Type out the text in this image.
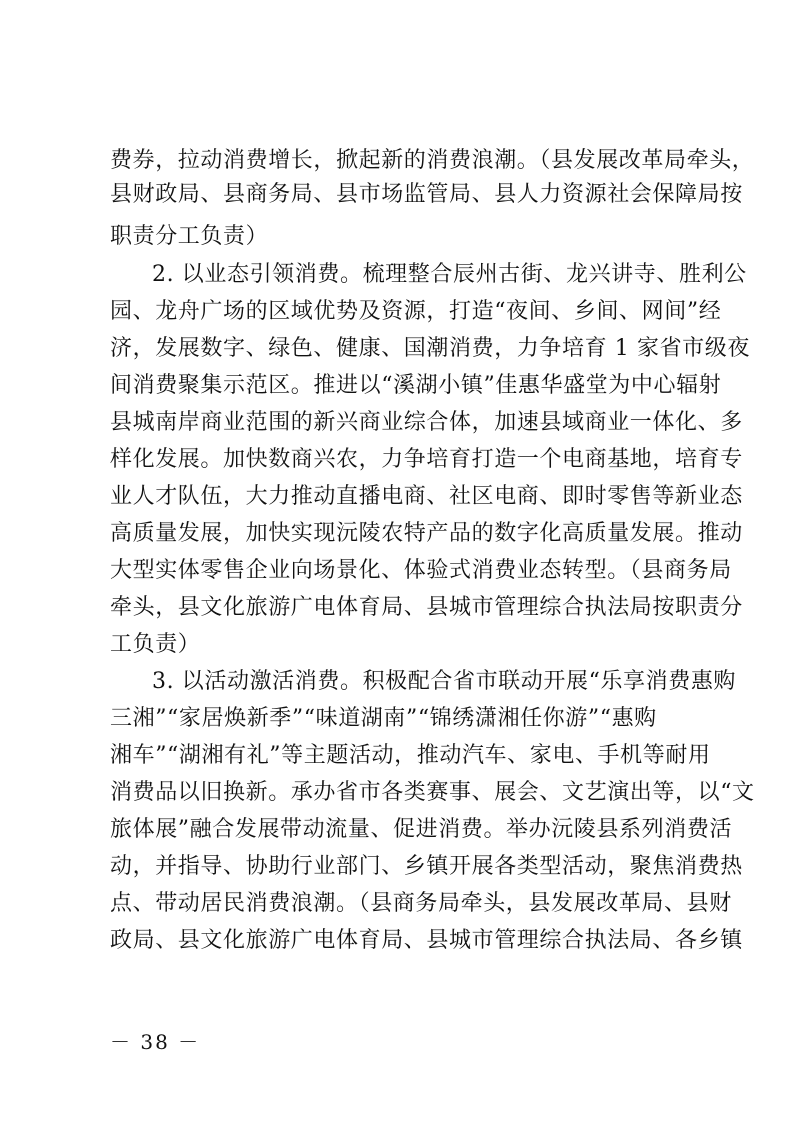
费券，拉动消费增长，掀起新的消费浪潮。（县发展改革局牵头，
县财政局、县商务局、县市场监管局、县人力资源社会保障局按
职责分工负责）
2. 以业态引领消费。梳理整合辰州古街、龙兴讲寺、胜利公
园、龙舟广场的区域优势及资源，打造“夜间、乡间、网间”经
济，发展数字、绿色、健康、国潮消费，力争培育 1 家省市级夜
间消费聚集示范区。推进以“溪湖小镇”佳惠华盛堂为中心辐射
县城南岸商业范围的新兴商业综合体，加速县域商业一体化、多
样化发展。加快数商兴农，力争培育打造一个电商基地，培育专
业人才队伍，大力推动直播电商、社区电商、即时零售等新业态
高质量发展，加快实现沅陵农特产品的数字化高质量发展。推动
大型实体零售企业向场景化、体验式消费业态转型。（县商务局
牵头，县文化旅游广电体育局、县城市管理综合执法局按职责分
工负责）
3. 以活动激活消费。积极配合省市联动开展“乐享消费惠购
三湘”“家居焕新季”“味道湖南”“锦绣潇湘任你游”“惠购
湘车”“湖湘有礼”等主题活动，推动汽车、家电、手机等耐用
消费品以旧换新。承办省市各类赛事、展会、文艺演出等，以“文
旅体展”融合发展带动流量、促进消费。举办沅陵县系列消费活
动，并指导、协助行业部门、乡镇开展各类型活动，聚焦消费热
点、带动居民消费浪潮。（县商务局牵头，县发展改革局、县财
政局、县文化旅游广电体育局、县城市管理综合执法局、各乡镇
－ 38 －
